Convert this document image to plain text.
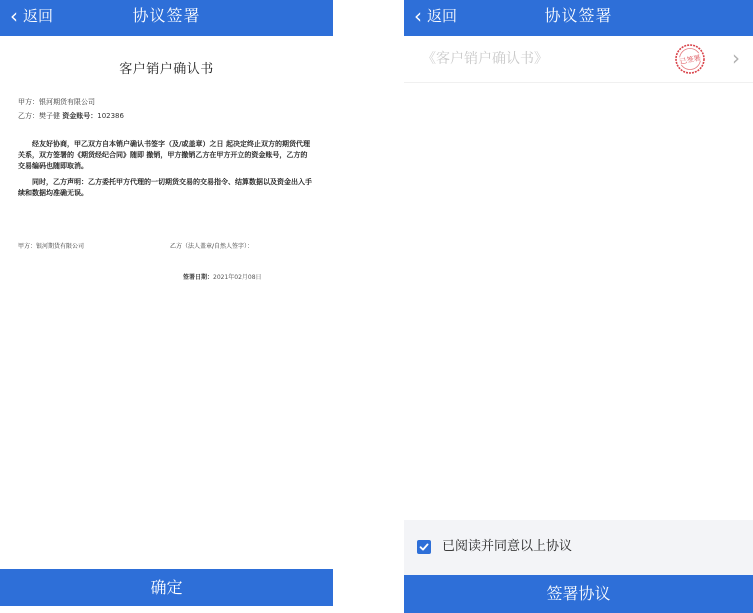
‹ 返回	协议签署
客户销户确认书
甲方：银河期货有限公司
乙方：樊子健 资金账号：102386
经友好协商，甲乙双方自本销户确认书签字（及/或盖章）之日 起决定终止双方的期货代理关系，双方签署的《期货经纪合同》随即 撤销，甲方撤销乙方在甲方开立的资金账号，乙方的交易编码也随即取消。
同时，乙方声明：乙方委托甲方代理的一切期货交易的交易指令、结算数据以及资金出入手续和数据均准确无误。
甲方：银河期货有限公司	乙方（法人盖章/自然人签字）：
签署日期：2021年02月08日
确定
‹ 返回	协议签署
《客户销户确认书》	已签署 ›
已阅读并同意以上协议
签署协议
